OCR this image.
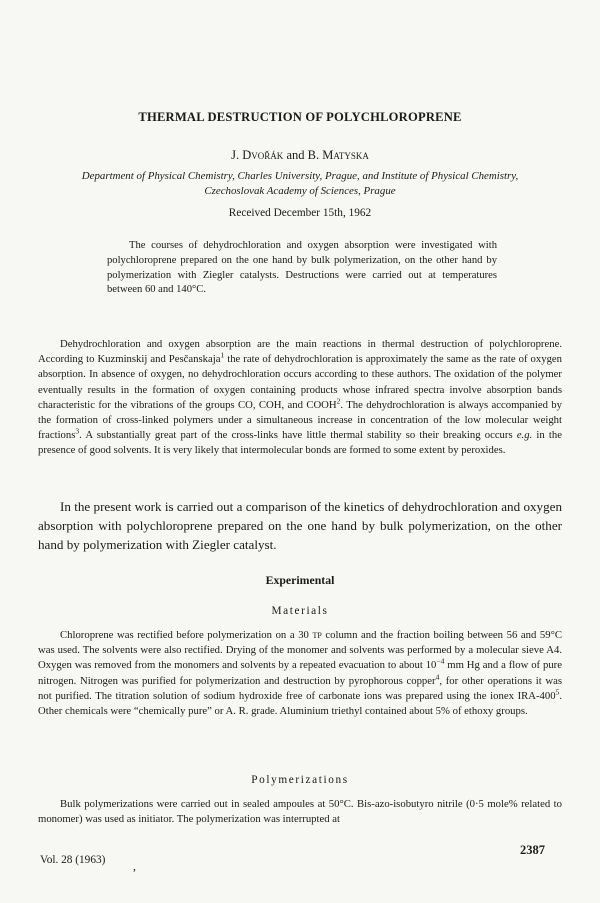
THERMAL DESTRUCTION OF POLYCHLOROPRENE
J. Dvořák and B. Matyska
Department of Physical Chemistry, Charles University, Prague, and Institute of Physical Chemistry,
Czechoslovak Academy of Sciences, Prague
Received December 15th, 1962

The courses of dehydrochloration and oxygen absorption were investigated with polychloroprene prepared on the one hand by bulk polymerization, on the other hand by polymerization with Ziegler catalysts. Destructions were carried out at temperatures between 60 and 140°C.

Dehydrochloration and oxygen absorption are the main reactions in thermal destruction of polychloroprene. According to Kuzminskij and Pesčanskaja$^1$ the rate of dehydrochloration is approximately the same as the rate of oxygen absorption. In absence of oxygen, no dehydrochloration occurs according to these authors. The oxidation of the polymer eventually results in the formation of oxygen containing products whose infrared spectra involve absorption bands characteristic for the vibrations of the groups CO, COH, and COOH$^2$. The dehydrochloration is always accompanied by the formation of cross-linked polymers under a simultaneous increase in concentration of the low molecular weight fractions$^3$. A substantially great part of the cross-links have little thermal stability so their breaking occurs e.g. in the presence of good solvents. It is very likely that intermolecular bonds are formed to some extent by peroxides.

In the present work is carried out a comparison of the kinetics of dehydrochloration and oxygen absorption with polychloroprene prepared on the one hand by bulk polymerization, on the other hand by polymerization with Ziegler catalyst.

Experimental
Materials

Chloroprene was rectified before polymerization on a 30 TP column and the fraction boiling between 56 and 59°C was used. The solvents were also rectified. Drying of the monomer and solvents was performed by a molecular sieve A4. Oxygen was removed from the monomers and solvents by a repeated evacuation to about $10^{-4}$ mm Hg and a flow of pure nitrogen. Nitrogen was purified for polymerization and destruction by pyrophorous copper$^4$, for other operations it was not purified. The titration solution of sodium hydroxide free of carbonate ions was prepared using the ionex IRA-$400^5$. Other chemicals were “chemically pure” or A. R. grade. Aluminium triethyl contained about 5% of ethoxy groups.

Polymerizations

Bulk polymerizations were carried out in sealed ampoules at 50°C. Bis-azo-isobutyro nitrile (0·5 mole% related to monomer) was used as initiator. The polymerization was interrupted at

Vol. 28 (1963) ,
2387
